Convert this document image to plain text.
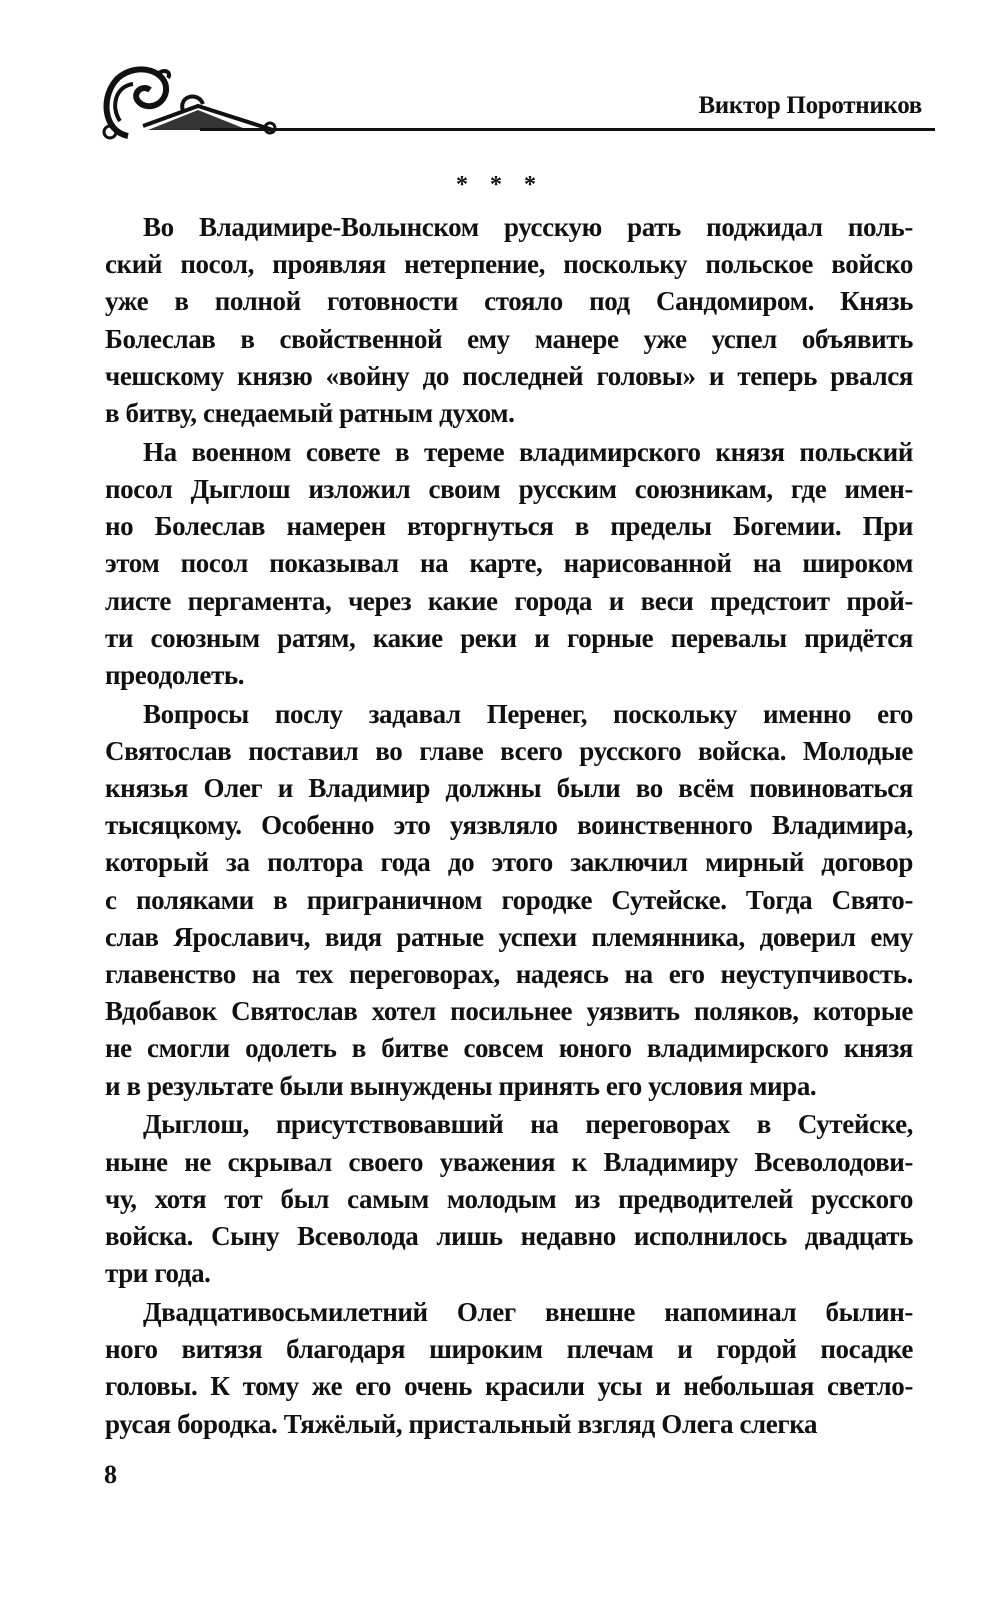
Виктор Поротников
* * *
Во Владимире-Волынском русскую рать поджидал поль-
ский посол, проявляя нетерпение, поскольку польское войско
уже в полной готовности стояло под Сандомиром. Князь
Болеслав в свойственной ему манере уже успел объявить
чешскому князю «войну до последней головы» и теперь рвался
в битву, снедаемый ратным духом.
На военном совете в тереме владимирского князя польский
посол Дыглош изложил своим русским союзникам, где имен-
но Болеслав намерен вторгнуться в пределы Богемии. При
этом посол показывал на карте, нарисованной на широком
листе пергамента, через какие города и веси предстоит прой-
ти союзным ратям, какие реки и горные перевалы придётся
преодолеть.
Вопросы послу задавал Перенег, поскольку именно его
Святослав поставил во главе всего русского войска. Молодые
князья Олег и Владимир должны были во всём повиноваться
тысяцкому. Особенно это уязвляло воинственного Владимира,
который за полтора года до этого заключил мирный договор
с поляками в приграничном городке Сутейске. Тогда Свято-
слав Ярославич, видя ратные успехи племянника, доверил ему
главенство на тех переговорах, надеясь на его неуступчивость.
Вдобавок Святослав хотел посильнее уязвить поляков, которые
не смогли одолеть в битве совсем юного владимирского князя
и в результате были вынуждены принять его условия мира.
Дыглош, присутствовавший на переговорах в Сутейске,
ныне не скрывал своего уважения к Владимиру Всеволодови-
чу, хотя тот был самым молодым из предводителей русского
войска. Сыну Всеволода лишь недавно исполнилось двадцать
три года.
Двадцативосьмилетний Олег внешне напоминал былин-
ного витязя благодаря широким плечам и гордой посадке
головы. К тому же его очень красили усы и небольшая светло-
русая бородка. Тяжёлый, пристальный взгляд Олега слегка
8
